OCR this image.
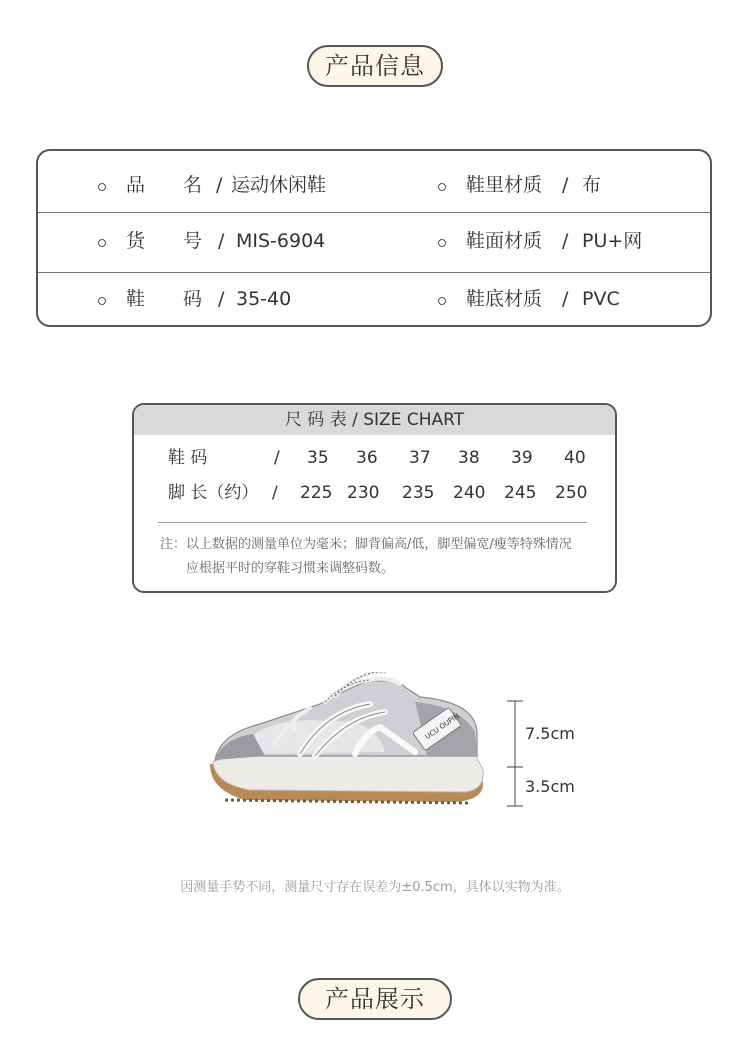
产品信息
品　　名 / 运动休闲鞋	鞋里材质 / 布
货　　号 / MIS-6904	鞋面材质 / PU+网
鞋　　码 / 35-40	鞋底材质 / PVC
尺 码 表 / SIZE CHART
鞋 码	/ 35 36 37 38 39 40
脚 长（约） / 225 230 235 240 245 250
注：以上数据的测量单位为毫米；脚背偏高/低，脚型偏宽/瘦等特殊情况
应根据平时的穿鞋习惯来调整码数。
UCU OUPIN	7.5cm
3.5cm
因测量手势不同，测量尺寸存在误差为±0.5cm，具体以实物为准。
产品展示
